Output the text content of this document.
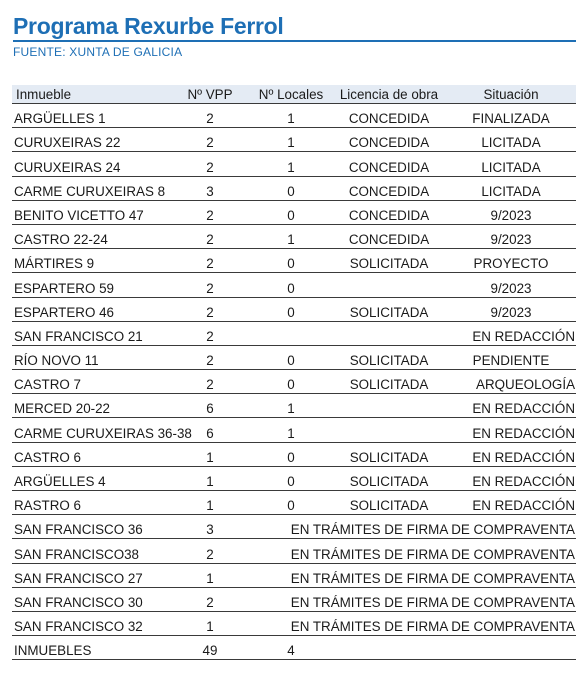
Programa Rexurbe Ferrol
FUENTE: XUNTA DE GALICIA
Inmueble	Nº VPP	Nº Locales	Licencia de obra	Situación
ARGÜELLES 1	2	1	CONCEDIDA	FINALIZADA
CURUXEIRAS 22	2	1	CONCEDIDA	LICITADA
CURUXEIRAS 24	2	1	CONCEDIDA	LICITADA
CARME CURUXEIRAS 8	3	0	CONCEDIDA	LICITADA
BENITO VICETTO 47	2	0	CONCEDIDA	9/2023
CASTRO 22-24	2	1	CONCEDIDA	9/2023
MÁRTIRES 9	2	0	SOLICITADA	PROYECTO
ESPARTERO 59	2	0		9/2023
ESPARTERO 46	2	0	SOLICITADA	9/2023
SAN FRANCISCO 21	2			EN REDACCIÓN
RÍO NOVO 11	2	0	SOLICITADA	PENDIENTE
CASTRO 7	2	0	SOLICITADA	ARQUEOLOGÍA
MERCED 20-22	6	1		EN REDACCIÓN
CARME CURUXEIRAS 36-38	6	1		EN REDACCIÓN
CASTRO 6	1	0	SOLICITADA	EN REDACCIÓN
ARGÜELLES 4	1	0	SOLICITADA	EN REDACCIÓN
RASTRO 6	1	0	SOLICITADA	EN REDACCIÓN
SAN FRANCISCO 36	3	EN TRÁMITES DE FIRMA DE COMPRAVENTA		
SAN FRANCISCO38	2	EN TRÁMITES DE FIRMA DE COMPRAVENTA		
SAN FRANCISCO 27	1	EN TRÁMITES DE FIRMA DE COMPRAVENTA		
SAN FRANCISCO 30	2	EN TRÁMITES DE FIRMA DE COMPRAVENTA		
SAN FRANCISCO 32	1	EN TRÁMITES DE FIRMA DE COMPRAVENTA		
INMUEBLES	49	4		
